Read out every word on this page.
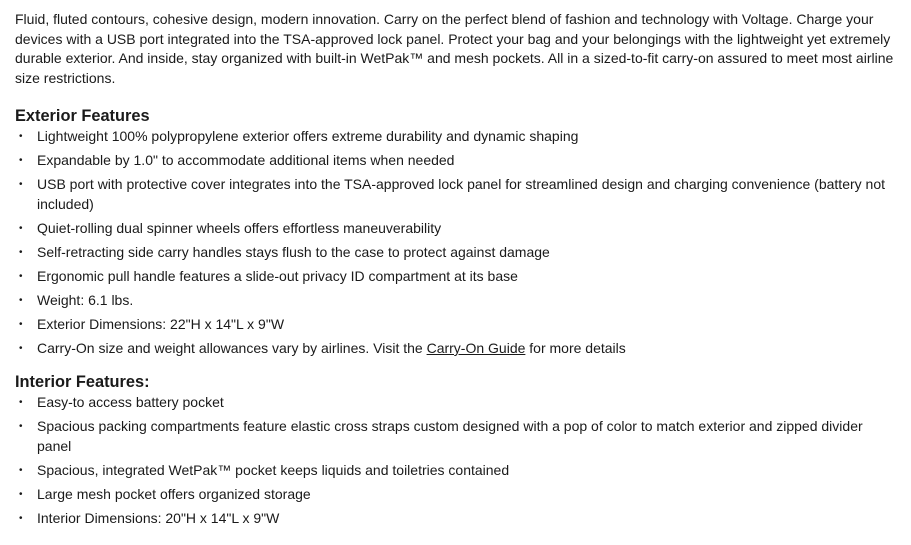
Fluid, fluted contours, cohesive design, modern innovation. Carry on the perfect blend of fashion and technology with Voltage. Charge your devices with a USB port integrated into the TSA-approved lock panel. Protect your bag and your belongings with the lightweight yet extremely durable exterior. And inside, stay organized with built-in WetPak™ and mesh pockets. All in a sized-to-fit carry-on assured to meet most airline size restrictions.

Exterior Features
• Lightweight 100% polypropylene exterior offers extreme durability and dynamic shaping
• Expandable by 1.0" to accommodate additional items when needed
• USB port with protective cover integrates into the TSA-approved lock panel for streamlined design and charging convenience (battery not included)
• Quiet-rolling dual spinner wheels offers effortless maneuverability
• Self-retracting side carry handles stays flush to the case to protect against damage
• Ergonomic pull handle features a slide-out privacy ID compartment at its base
• Weight: 6.1 lbs.
• Exterior Dimensions: 22"H x 14"L x 9"W
• Carry-On size and weight allowances vary by airlines. Visit the Carry-On Guide for more details
Interior Features:
• Easy-to access battery pocket
• Spacious packing compartments feature elastic cross straps custom designed with a pop of color to match exterior and zipped divider panel
• Spacious, integrated WetPak™ pocket keeps liquids and toiletries contained
• Large mesh pocket offers organized storage
• Interior Dimensions: 20"H x 14"L x 9"W
